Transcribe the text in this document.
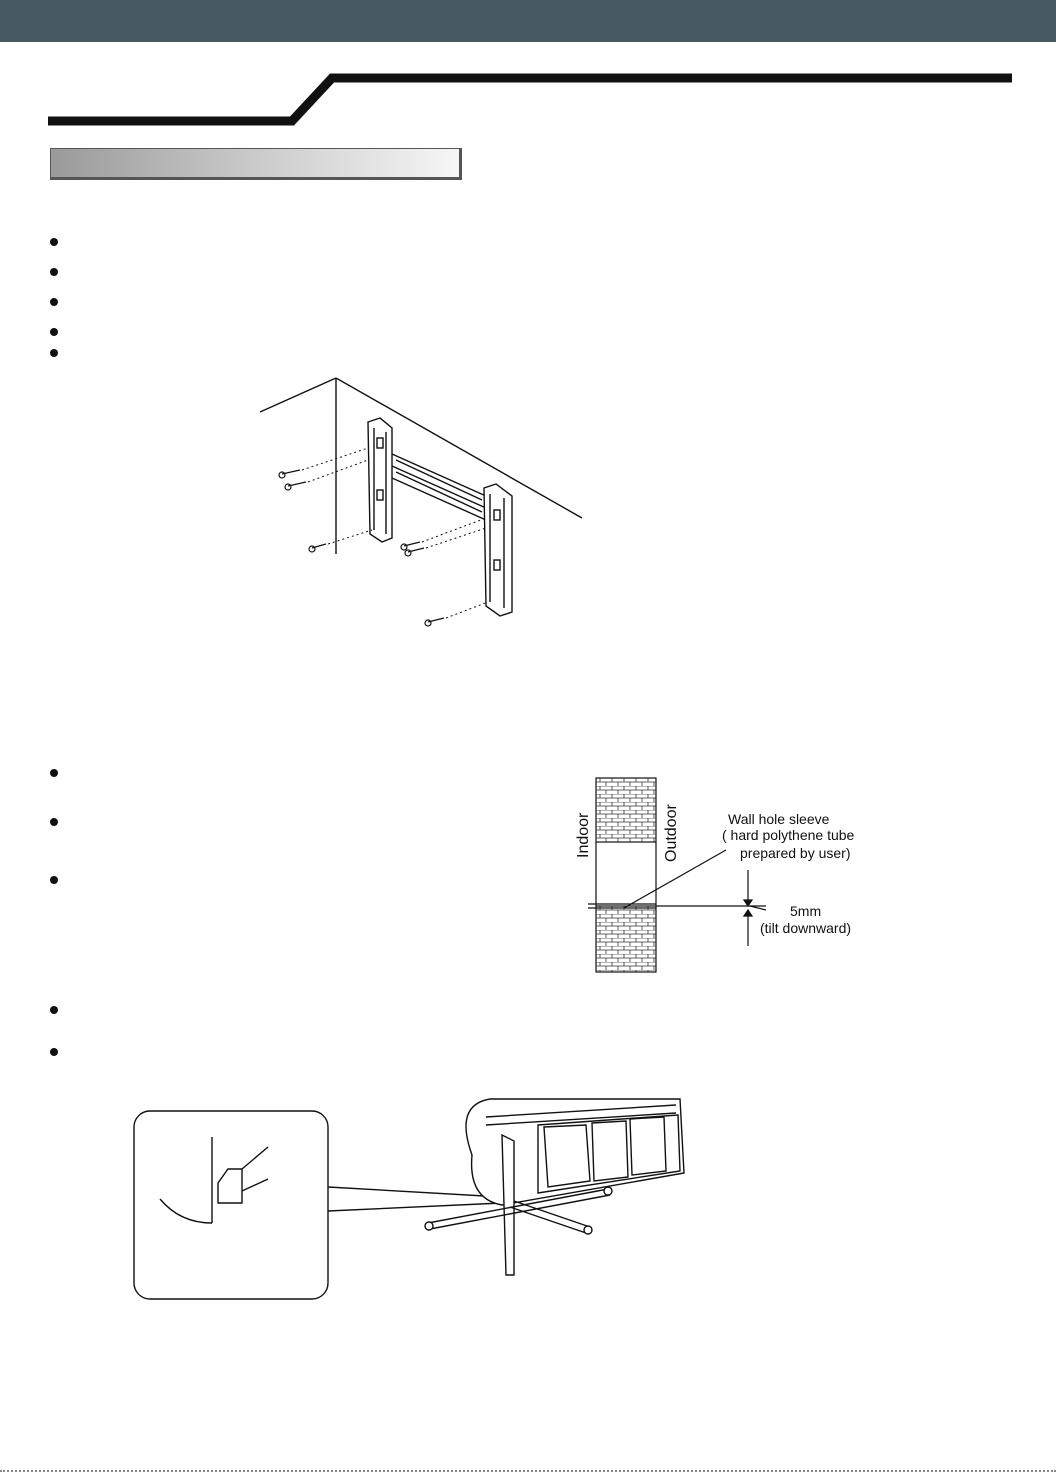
Indoor	Outdoor	Wall hole sleeve
( hard polythene tube
prepared by user)
5mm
(tilt downward)
